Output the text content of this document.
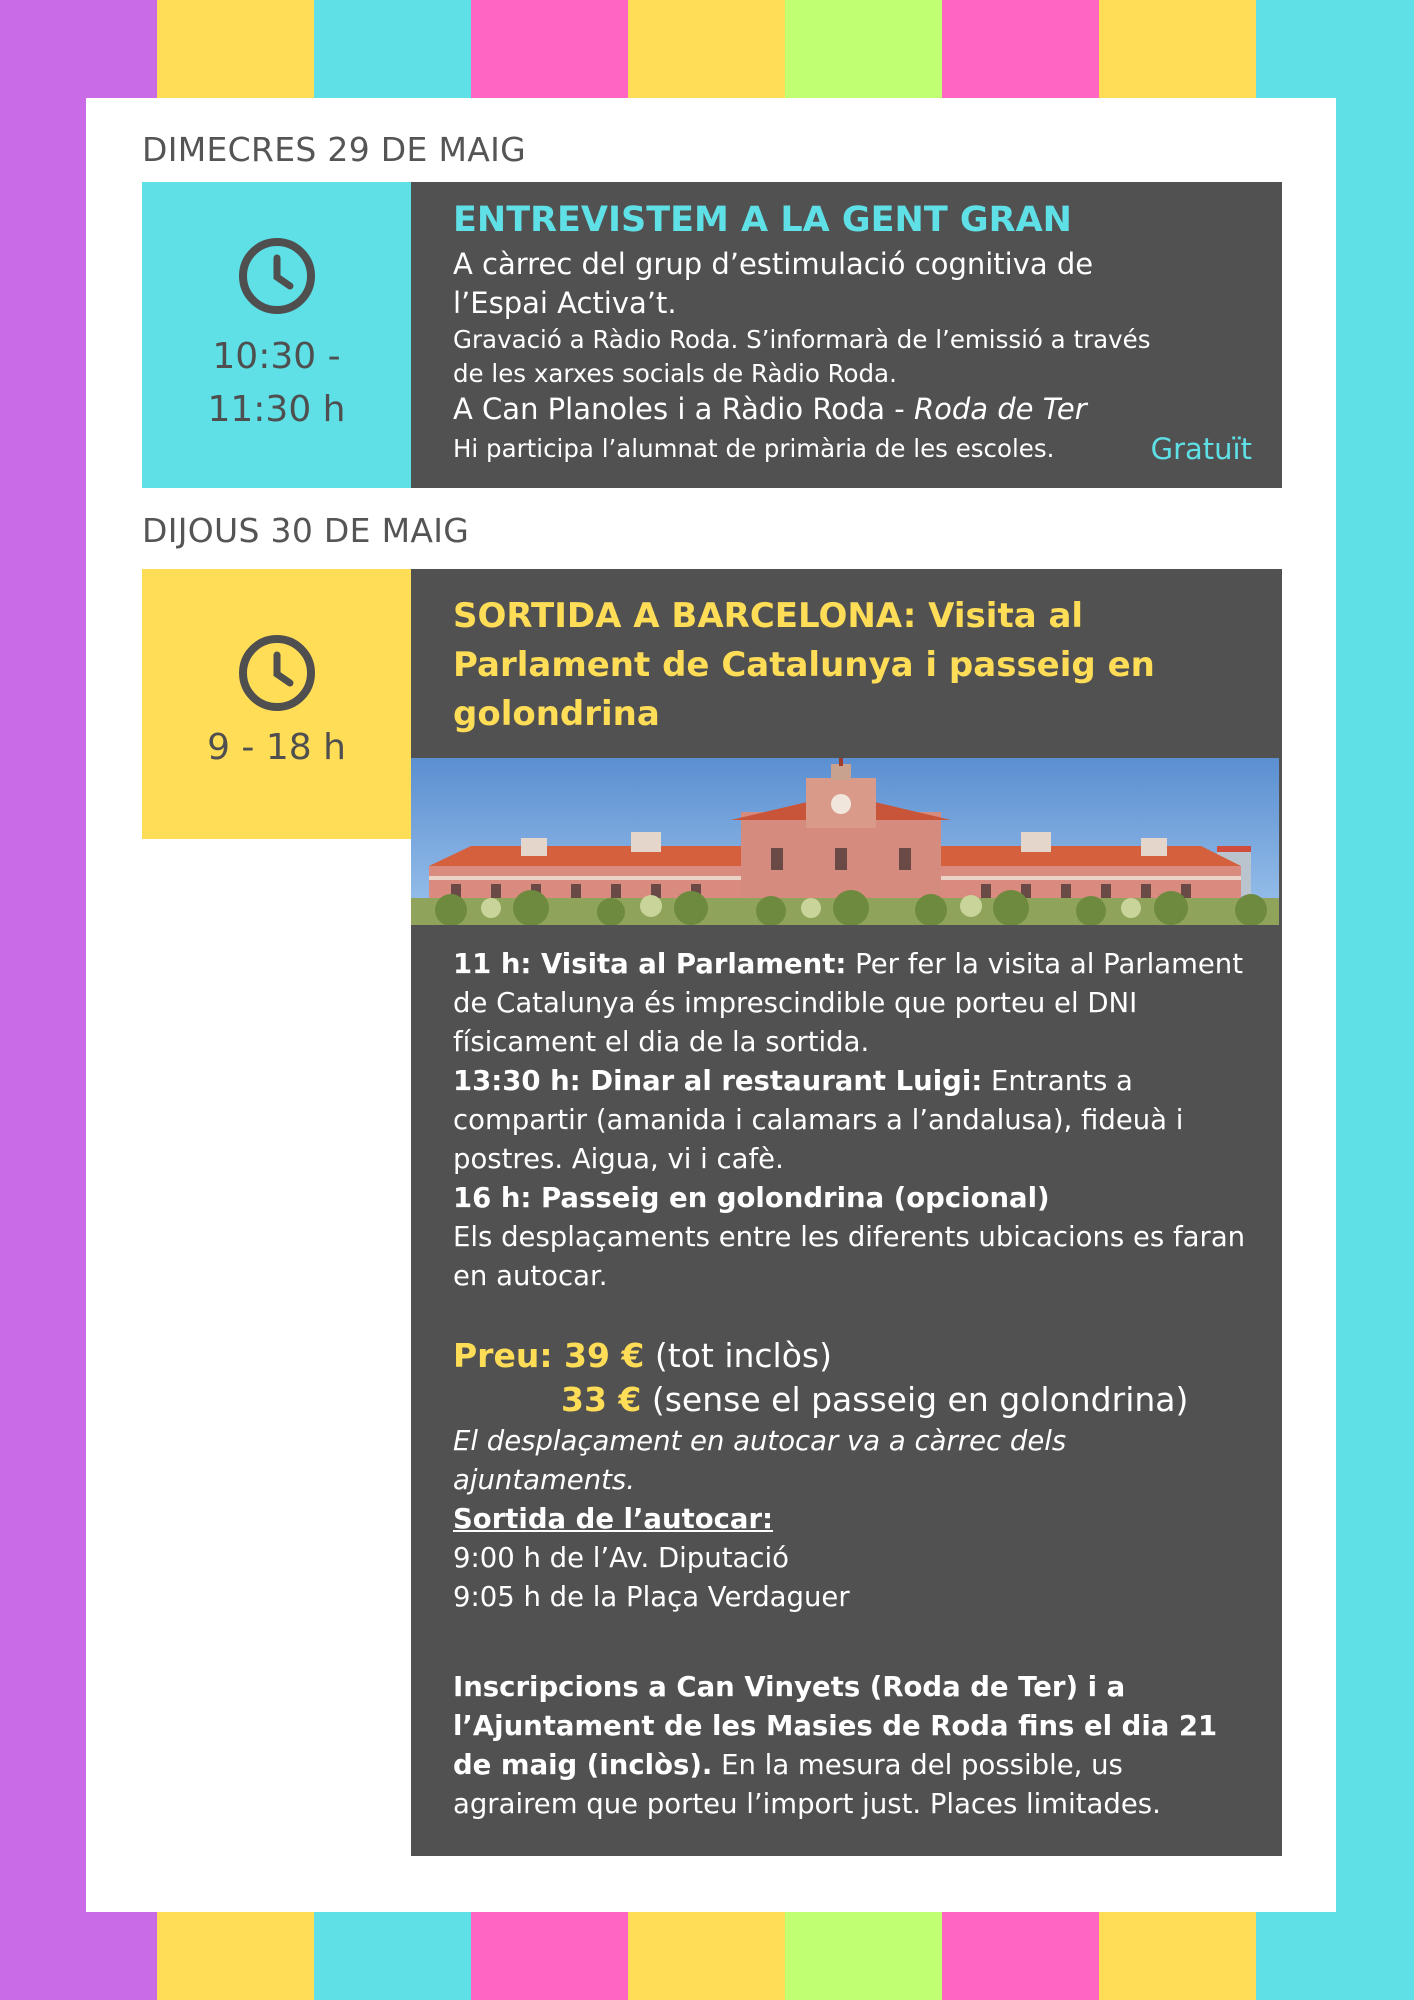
DIMECRES 29 DE MAIG
10:30 -
11:30 h
ENTREVISTEM A LA GENT GRAN
A càrrec del grup d’estimulació cognitiva de
l’Espai Activa’t.
Gravació a Ràdio Roda. S’informarà de l’emissió a través
de les xarxes socials de Ràdio Roda.
A Can Planoles i a Ràdio Roda - Roda de Ter
Hi participa l’alumnat de primària de les escoles.	Gratuït
DIJOUS 30 DE MAIG
9 - 18 h
SORTIDA A BARCELONA: Visita al Parlament de Catalunya i passeig en golondrina
11 h: Visita al Parlament: Per fer la visita al Parlament de Catalunya és imprescindible que porteu el DNI físicament el dia de la sortida.
13:30 h: Dinar al restaurant Luigi: Entrants a compartir (amanida i calamars a l’andalusa), fideuà i postres. Aigua, vi i cafè.
16 h: Passeig en golondrina (opcional)
Els desplaçaments entre les diferents ubicacions es faran en autocar.
Preu: 39 € (tot inclòs)
33 € (sense el passeig en golondrina)
El desplaçament en autocar va a càrrec dels ajuntaments.
Sortida de l’autocar:
9:00 h de l’Av. Diputació
9:05 h de la Plaça Verdaguer
Inscripcions a Can Vinyets (Roda de Ter) i a l’Ajuntament de les Masies de Roda fins el dia 21 de maig (inclòs). En la mesura del possible, us agrairem que porteu l’import just. Places limitades.
